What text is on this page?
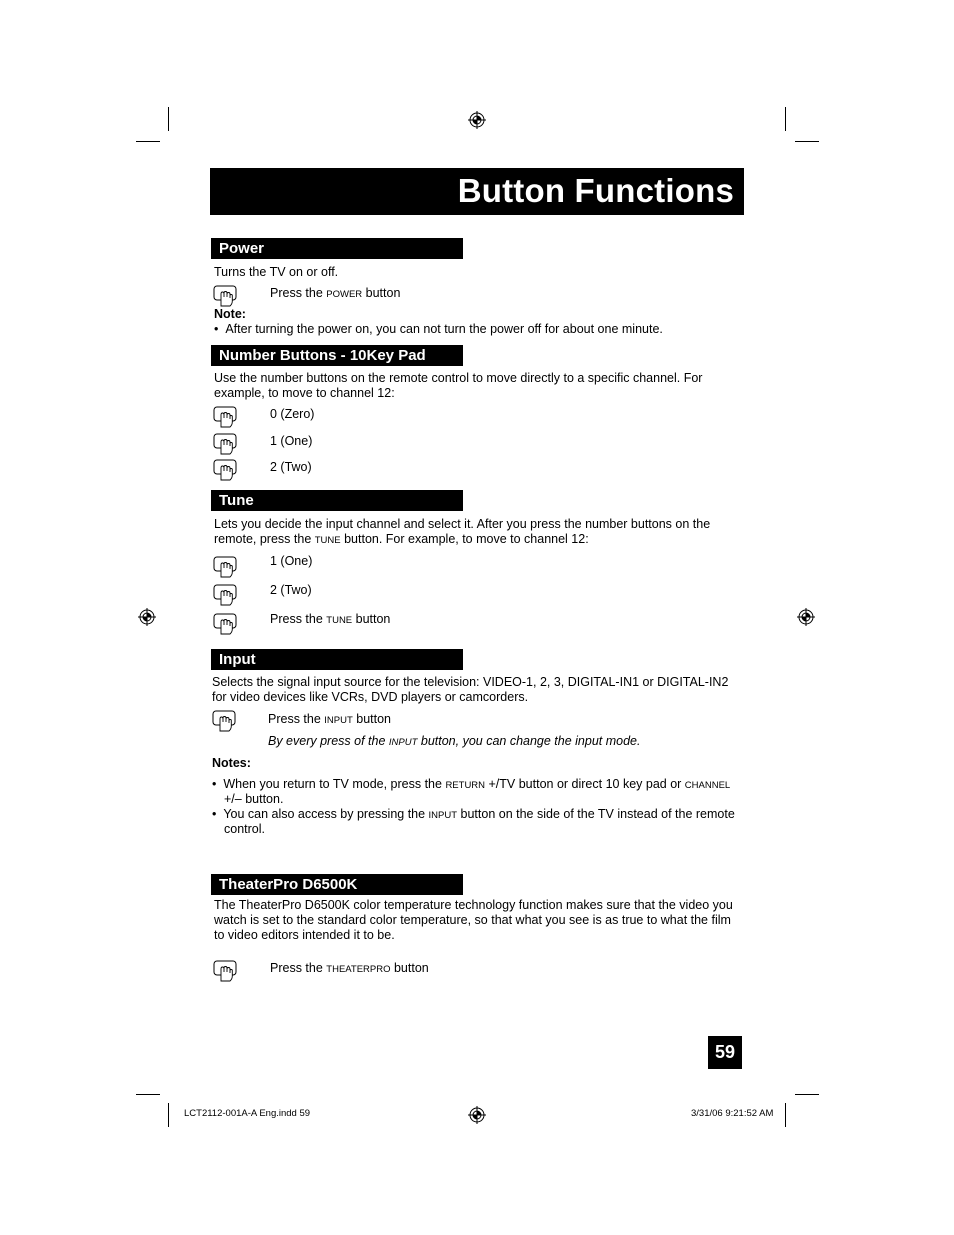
Button Functions
Power
Turns the TV on or off.
Press the POWER button
Note:
•  After turning the power on, you can not turn the power off for about one minute.
Number Buttons - 10Key Pad
Use the number buttons on the remote control to move directly to a specific channel. For
example, to move to channel 12:
0 (Zero)
1 (One)
2 (Two)
Tune
Lets you decide the input channel and select it. After you press the number buttons on the
remote, press the TUNE button. For example, to move to channel 12:
1 (One)
2 (Two)
Press the TUNE button
Input
Selects the signal input source for the television: VIDEO-1, 2, 3, DIGITAL-IN1 or DIGITAL-IN2
for video devices like VCRs, DVD players or camcorders.
Press the INPUT button
By every press of the INPUT button, you can change the input mode.
Notes:
•  When you return to TV mode, press the RETURN +/TV button or direct 10 key pad or CHANNEL
+/– button.
•  You can also access by pressing the INPUT button on the side of the TV instead of the remote
control.
TheaterPro D6500K
The TheaterPro D6500K color temperature technology function makes sure that the video you
watch is set to the standard color temperature, so that what you see is as true to what the film
to video editors intended it to be.
Press the THEATERPRO button
59
LCT2112-001A-A Eng.indd 59	3/31/06 9:21:52 AM
